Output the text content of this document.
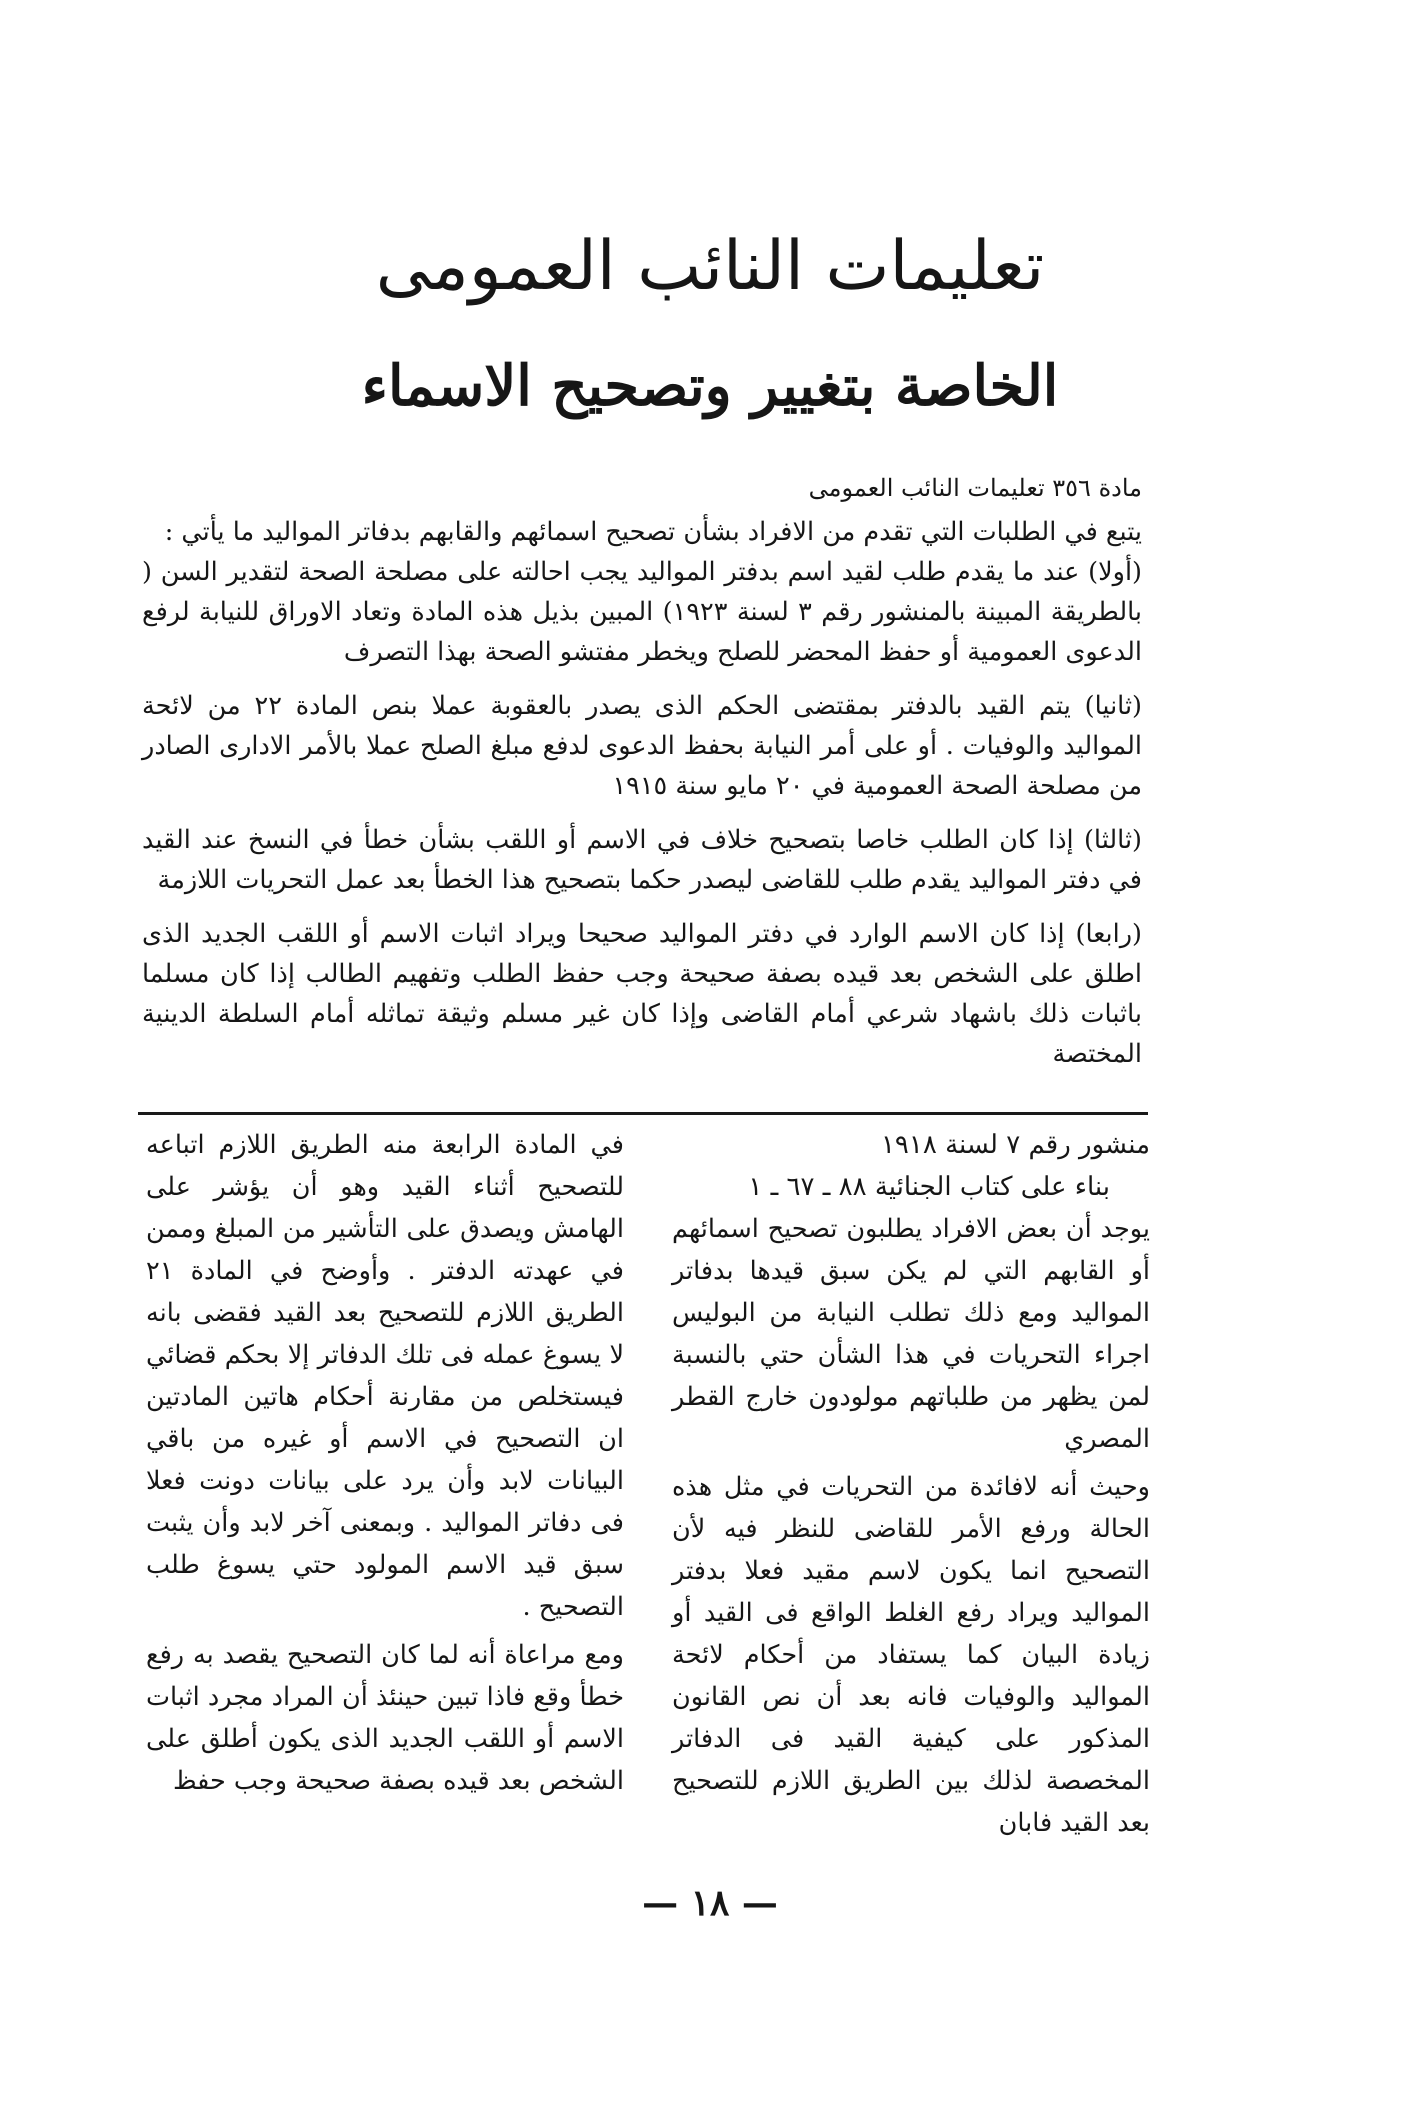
تعليمات النائب العمومى
الخاصة بتغيير وتصحيح الاسماء

مادة ٣٥٦ تعليمات النائب العمومى

يتبع في الطلبات التي تقدم من الافراد بشأن تصحيح اسمائهم والقابهم بدفاتر المواليد ما يأتي :

(أولا) عند ما يقدم طلب لقيد اسم بدفتر المواليد يجب احالته على مصلحة الصحة لتقدير السن ( بالطريقة المبينة بالمنشور رقم ٣ لسنة ١٩٢٣) المبين بذيل هذه المادة وتعاد الاوراق للنيابة لرفع الدعوى العمومية أو حفظ المحضر للصلح ويخطر مفتشو الصحة بهذا التصرف

(ثانيا) يتم القيد بالدفتر بمقتضى الحكم الذى يصدر بالعقوبة عملا بنص المادة ٢٢ من لائحة المواليد والوفيات . أو على أمر النيابة بحفظ الدعوى لدفع مبلغ الصلح عملا بالأمر الادارى الصادر من مصلحة الصحة العمومية في ٢٠ مايو سنة ١٩١٥

(ثالثا) إذا كان الطلب خاصا بتصحيح خلاف في الاسم أو اللقب بشأن خطأ في النسخ عند القيد في دفتر المواليد يقدم طلب للقاضى ليصدر حكما بتصحيح هذا الخطأ بعد عمل التحريات اللازمة

(رابعا) إذا كان الاسم الوارد في دفتر المواليد صحيحا ويراد اثبات الاسم أو اللقب الجديد الذى اطلق على الشخص بعد قيده بصفة صحيحة وجب حفظ الطلب وتفهيم الطالب إذا كان مسلما باثبات ذلك باشهاد شرعي أمام القاضى وإذا كان غير مسلم وثيقة تماثله أمام السلطة الدينية المختصة

منشور رقم ٧ لسنة ١٩١٨

بناء على كتاب الجنائية ٨٨ ـ ٦٧ ـ ١

يوجد أن بعض الافراد يطلبون تصحيح اسمائهم أو القابهم التي لم يكن سبق قيدها بدفاتر المواليد ومع ذلك تطلب النيابة من البوليس اجراء التحريات في هذا الشأن حتي بالنسبة لمن يظهر من طلباتهم مولودون خارج القطر المصري

وحيث أنه لافائدة من التحريات في مثل هذه الحالة ورفع الأمر للقاضى للنظر فيه لأن التصحيح انما يكون لاسم مقيد فعلا بدفتر المواليد ويراد رفع الغلط الواقع فى القيد أو زيادة البيان كما يستفاد من أحكام لائحة المواليد والوفيات فانه بعد أن نص القانون المذكور على كيفية القيد فى الدفاتر المخصصة لذلك بين الطريق اللازم للتصحيح بعد القيد فابان

في المادة الرابعة منه الطريق اللازم اتباعه للتصحيح أثناء القيد وهو أن يؤشر على الهامش ويصدق على التأشير من المبلغ وممن في عهدته الدفتر . وأوضح في المادة ٢١ الطريق اللازم للتصحيح بعد القيد فقضى بانه لا يسوغ عمله فى تلك الدفاتر إلا بحكم قضائي فيستخلص من مقارنة أحكام هاتين المادتين ان التصحيح في الاسم أو غيره من باقي البيانات لابد وأن يرد على بيانات دونت فعلا فى دفاتر المواليد . وبمعنى آخر لابد وأن يثبت سبق قيد الاسم المولود حتي يسوغ طلب التصحيح .

ومع مراعاة أنه لما كان التصحيح يقصد به رفع خطأ وقع فاذا تبين حينئذ أن المراد مجرد اثبات الاسم أو اللقب الجديد الذى يكون أطلق على الشخص بعد قيده بصفة صحيحة وجب حفظ

— ١٨ —
